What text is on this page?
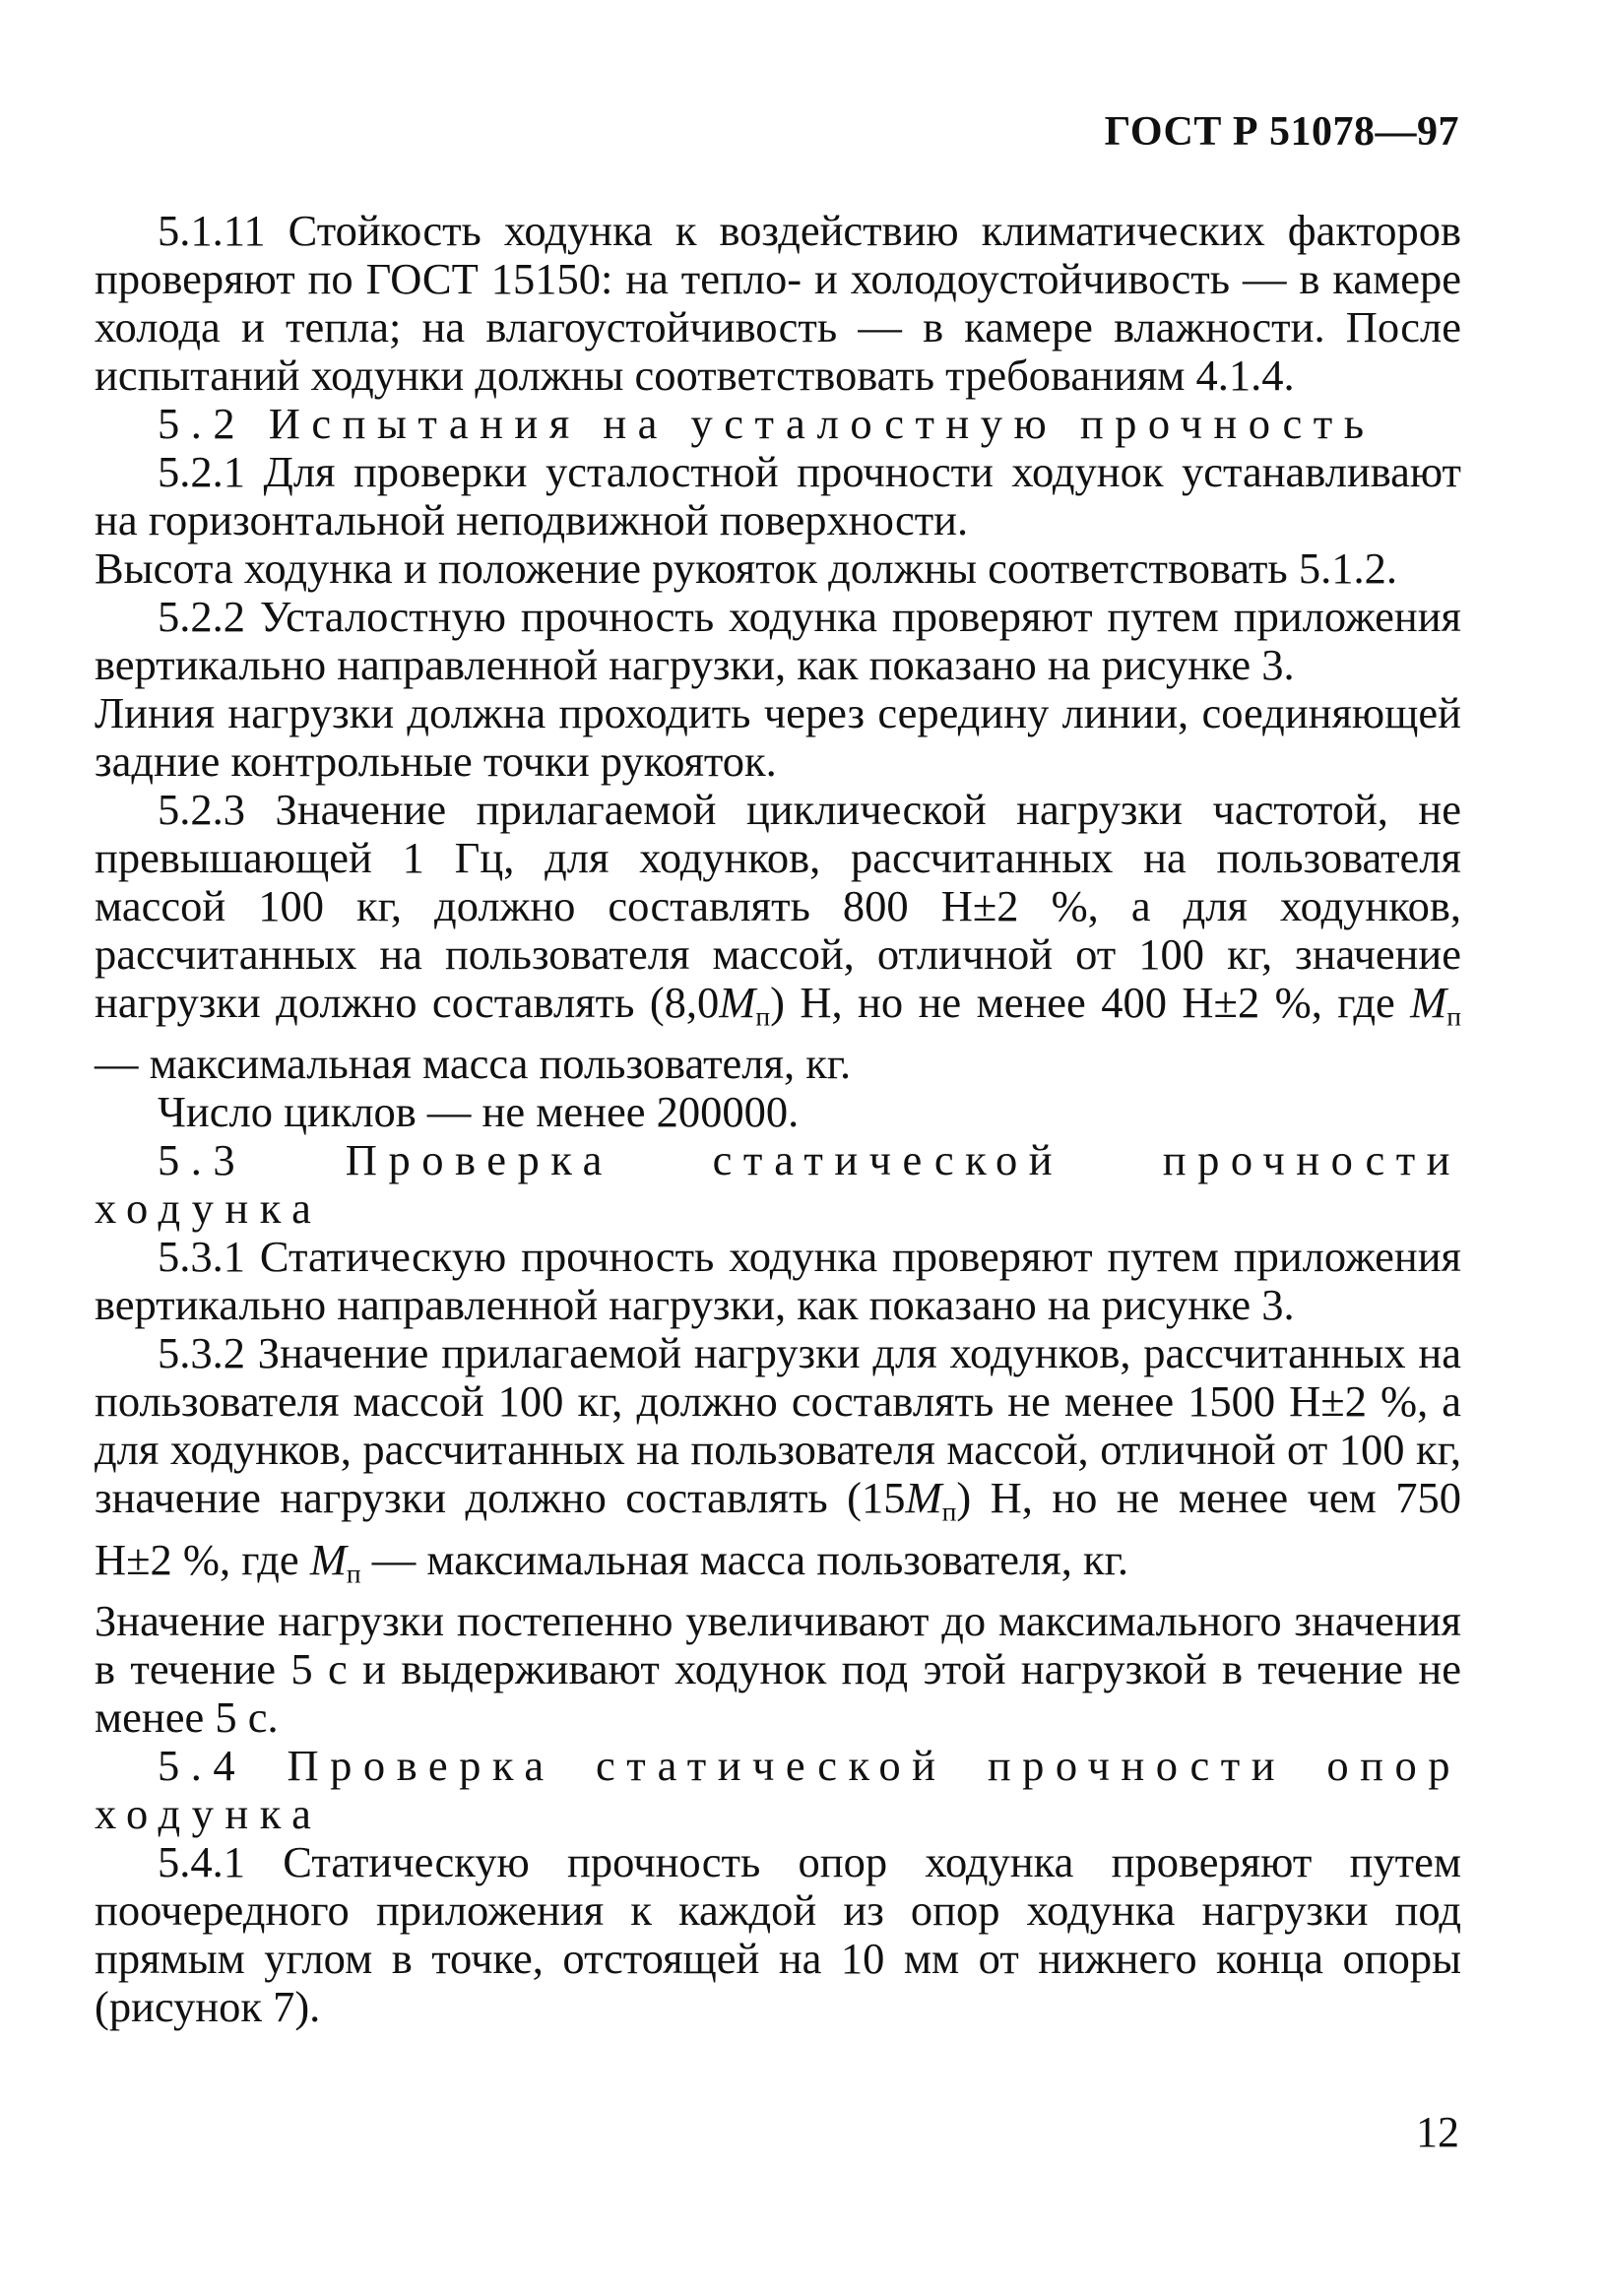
ГОСТ Р 51078—97

5.1.11 Стойкость ходунка к воздействию климатических факторов проверяют по ГОСТ 15150: на тепло- и холодоустойчивость — в камере холода и тепла; на влагоустойчивость — в камере влажности. После испытаний ходунки должны соответствовать требованиям 4.1.4.

5.2 Испытания на усталостную прочность

5.2.1 Для проверки усталостной прочности ходунок устанавливают на горизонтальной неподвижной поверхности.

Высота ходунка и положение рукояток должны соответствовать 5.1.2.

5.2.2 Усталостную прочность ходунка проверяют путем приложения вертикально направленной нагрузки, как показано на рисунке 3.

Линия нагрузки должна проходить через середину линии, соединяющей задние контрольные точки рукояток.

5.2.3 Значение прилагаемой циклической нагрузки частотой, не превышающей 1 Гц, для ходунков, рассчитанных на пользователя массой 100 кг, должно составлять 800 Н±2 %, а для ходунков, рассчитанных на пользователя массой, отличной от 100 кг, значение нагрузки должно составлять $(8,0M_п)$ Н, но не менее 400 Н±2 %, где $M_п$ — максимальная масса пользователя, кг.

Число циклов — не менее 200000.

5.3 Проверка статической прочности ходунка

5.3.1 Статическую прочность ходунка проверяют путем приложения вертикально направленной нагрузки, как показано на рисунке 3.

5.3.2 Значение прилагаемой нагрузки для ходунков, рассчитанных на пользователя массой 100 кг, должно составлять не менее 1500 Н±2 %, а для ходунков, рассчитанных на пользователя массой, отличной от 100 кг, значение нагрузки должно составлять $(15M_п)$ Н, но не менее чем 750 Н±2 %, где $M_п$ — максимальная масса пользователя, кг.

Значение нагрузки постепенно увеличивают до максимального значения в течение 5 с и выдерживают ходунок под этой нагрузкой в течение не менее 5 с.

5.4 Проверка статической прочности опор ходунка

5.4.1 Статическую прочность опор ходунка проверяют путем поочередного приложения к каждой из опор ходунка нагрузки под прямым углом в точке, отстоящей на 10 мм от нижнего конца опоры (рисунок 7).

12
